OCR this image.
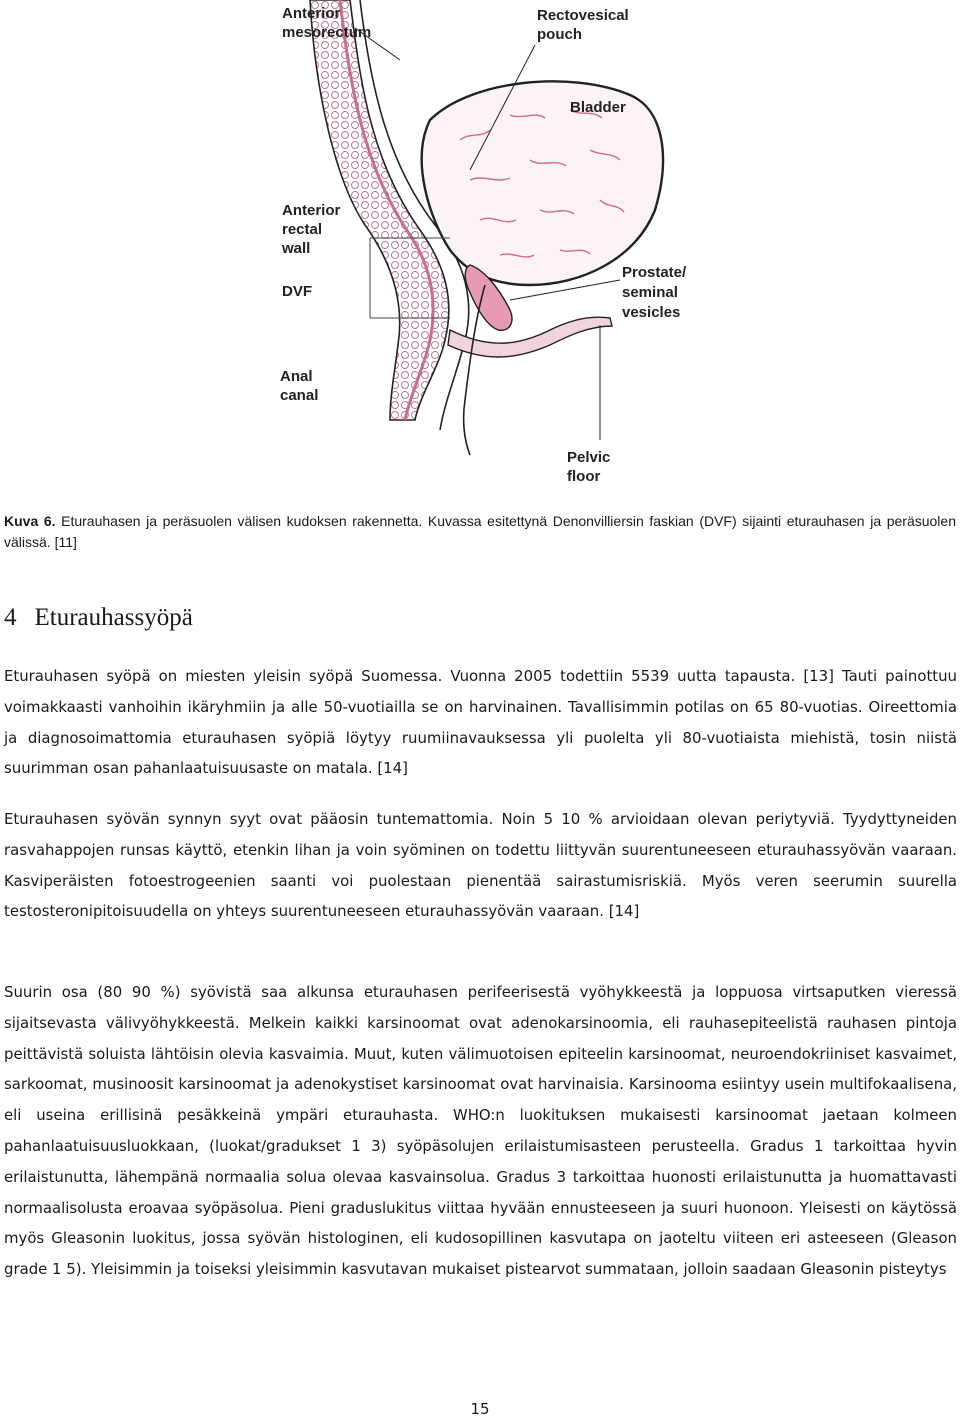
Anterior
mesorectum
Rectovesical
pouch
Bladder
Anterior
rectal
wall
DVF
Prostate/
seminal
vesicles
Anal
canal
Pelvic
floor

Kuva 6. Eturauhasen ja peräsuolen välisen kudoksen rakennetta. Kuvassa esitettynä Denonvilliersin faskian (DVF) sijainti eturauhasen ja peräsuolen välissä. [11]

4 Eturauhassyöpä

Eturauhasen syöpä on miesten yleisin syöpä Suomessa. Vuonna 2005 todettiin 5539 uutta tapausta. [13] Tauti painottuu voimakkaasti vanhoihin ikäryhmiin ja alle 50-vuotiailla se on harvinainen. Tavallisimmin potilas on 65 80-vuotias. Oireettomia ja diagnosoimattomia eturauhasen syöpiä löytyy ruumiinavauksessa yli puolelta yli 80-vuotiaista miehistä, tosin niistä suurimman osan pahanlaatuisuusaste on matala. [14]

Eturauhasen syövän synnyn syyt ovat pääosin tuntemattomia. Noin 5 10 % arvioidaan olevan periytyviä. Tyydyttyneiden rasvahappojen runsas käyttö, etenkin lihan ja voin syöminen on todettu liittyvän suurentuneeseen eturauhassyövän vaaraan. Kasviperäisten fotoestrogeenien saanti voi puolestaan pienentää sairastumisriskiä. Myös veren seerumin suurella testosteronipitoisuudella on yhteys suurentuneeseen eturauhassyövän vaaraan. [14]

Suurin osa (80 90 %) syövistä saa alkunsa eturauhasen perifeerisestä vyöhykkeestä ja loppuosa virtsaputken vieressä sijaitsevasta välivyöhykkeestä. Melkein kaikki karsinoomat ovat adenokarsinoomia, eli rauhasepiteelistä rauhasen pintoja peittävistä soluista lähtöisin olevia kasvaimia. Muut, kuten välimuotoisen epiteelin karsinoomat, neuroendokriiniset kasvaimet, sarkoomat, musinoosit karsinoomat ja adenokystiset karsinoomat ovat harvinaisia. Karsinooma esiintyy usein multifokaalisena, eli useina erillisinä pesäkkeinä ympäri eturauhasta. WHO:n luokituksen mukaisesti karsinoomat jaetaan kolmeen pahanlaatuisuusluokkaan, (luokat/gradukset 1 3) syöpäsolujen erilaistumisasteen perusteella. Gradus 1 tarkoittaa hyvin erilaistunutta, lähempänä normaalia solua olevaa kasvainsolua. Gradus 3 tarkoittaa huonosti erilaistunutta ja huomattavasti normaalisolusta eroavaa syöpäsolua. Pieni graduslukitus viittaa hyvään ennusteeseen ja suuri huonoon. Yleisesti on käytössä myös Gleasonin luokitus, jossa syövän histologinen, eli kudosopillinen kasvutapa on jaoteltu viiteen eri asteeseen (Gleason grade 1 5). Yleisimmin ja toiseksi yleisimmin kasvutavan mukaiset pistearvot summataan, jolloin saadaan Gleasonin pisteytys

15
